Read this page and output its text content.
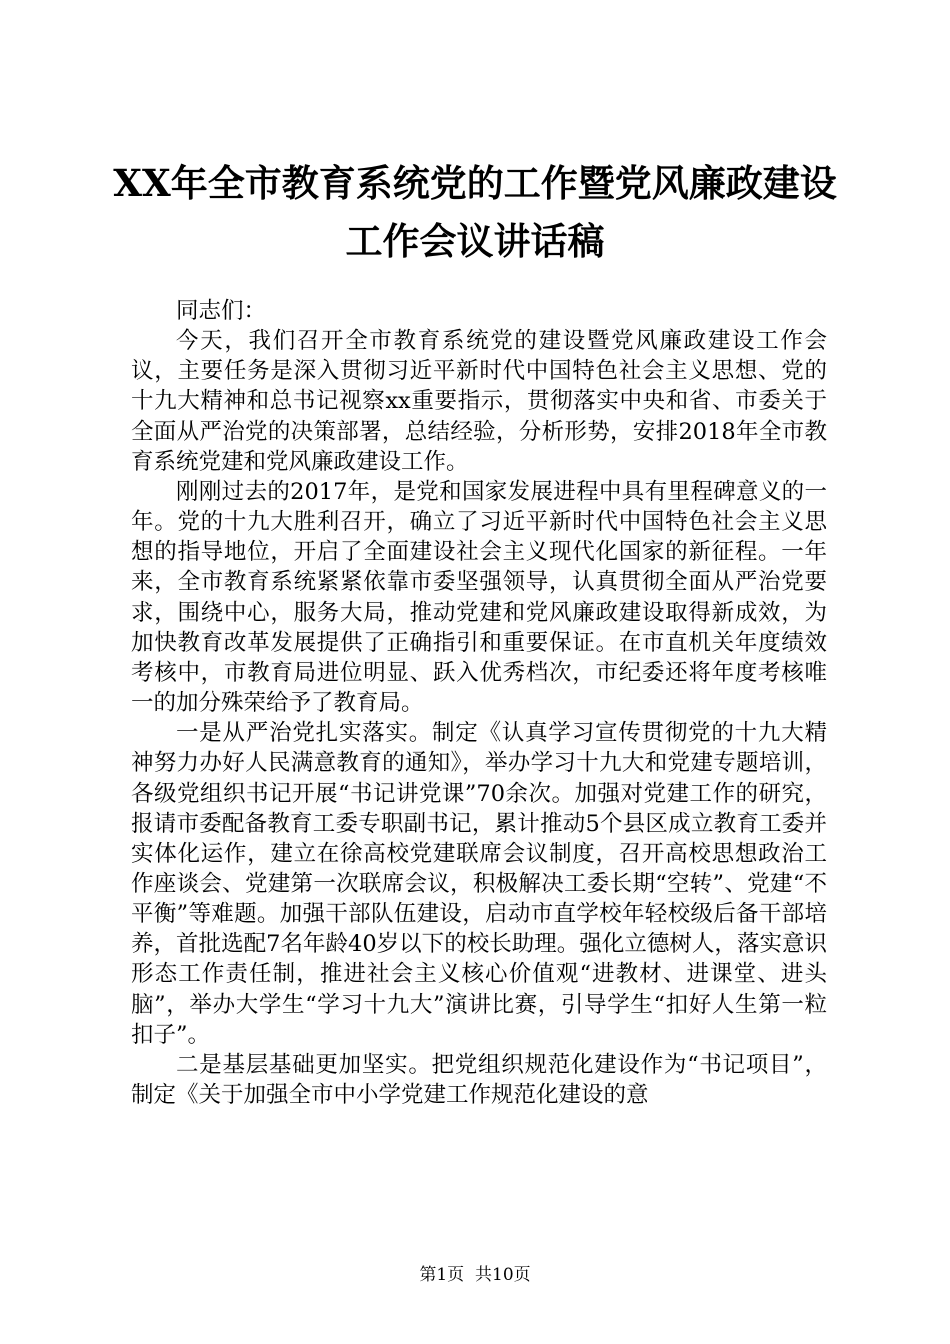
XX年全市教育系统党的工作暨党风廉政建设
工作会议讲话稿

同志们：

今天，我们召开全市教育系统党的建设暨党风廉政建设工作会议，主要任务是深入贯彻习近平新时代中国特色社会主义思想、党的十九大精神和总书记视察xx重要指示，贯彻落实中央和省、市委关于全面从严治党的决策部署，总结经验，分析形势，安排2018年全市教育系统党建和党风廉政建设工作。

刚刚过去的2017年，是党和国家发展进程中具有里程碑意义的一年。党的十九大胜利召开，确立了习近平新时代中国特色社会主义思想的指导地位，开启了全面建设社会主义现代化国家的新征程。一年来，全市教育系统紧紧依靠市委坚强领导，认真贯彻全面从严治党要求，围绕中心，服务大局，推动党建和党风廉政建设取得新成效，为加快教育改革发展提供了正确指引和重要保证。在市直机关年度绩效考核中，市教育局进位明显、跃入优秀档次，市纪委还将年度考核唯一的加分殊荣给予了教育局。

一是从严治党扎实落实。制定《认真学习宣传贯彻党的十九大精神努力办好人民满意教育的通知》，举办学习十九大和党建专题培训，各级党组织书记开展“书记讲党课”70余次。加强对党建工作的研究，报请市委配备教育工委专职副书记，累计推动5个县区成立教育工委并实体化运作，建立在徐高校党建联席会议制度，召开高校思想政治工作座谈会、党建第一次联席会议，积极解决工委长期“空转”、党建“不平衡”等难题。加强干部队伍建设，启动市直学校年轻校级后备干部培养，首批选配7名年龄40岁以下的校长助理。强化立德树人，落实意识形态工作责任制，推进社会主义核心价值观“进教材、进课堂、进头脑”，举办大学生“学习十九大”演讲比赛，引导学生“扣好人生第一粒扣子”。

二是基层基础更加坚实。把党组织规范化建设作为“书记项目”，制定《关于加强全市中小学党建工作规范化建设的意

第1页 共10页
